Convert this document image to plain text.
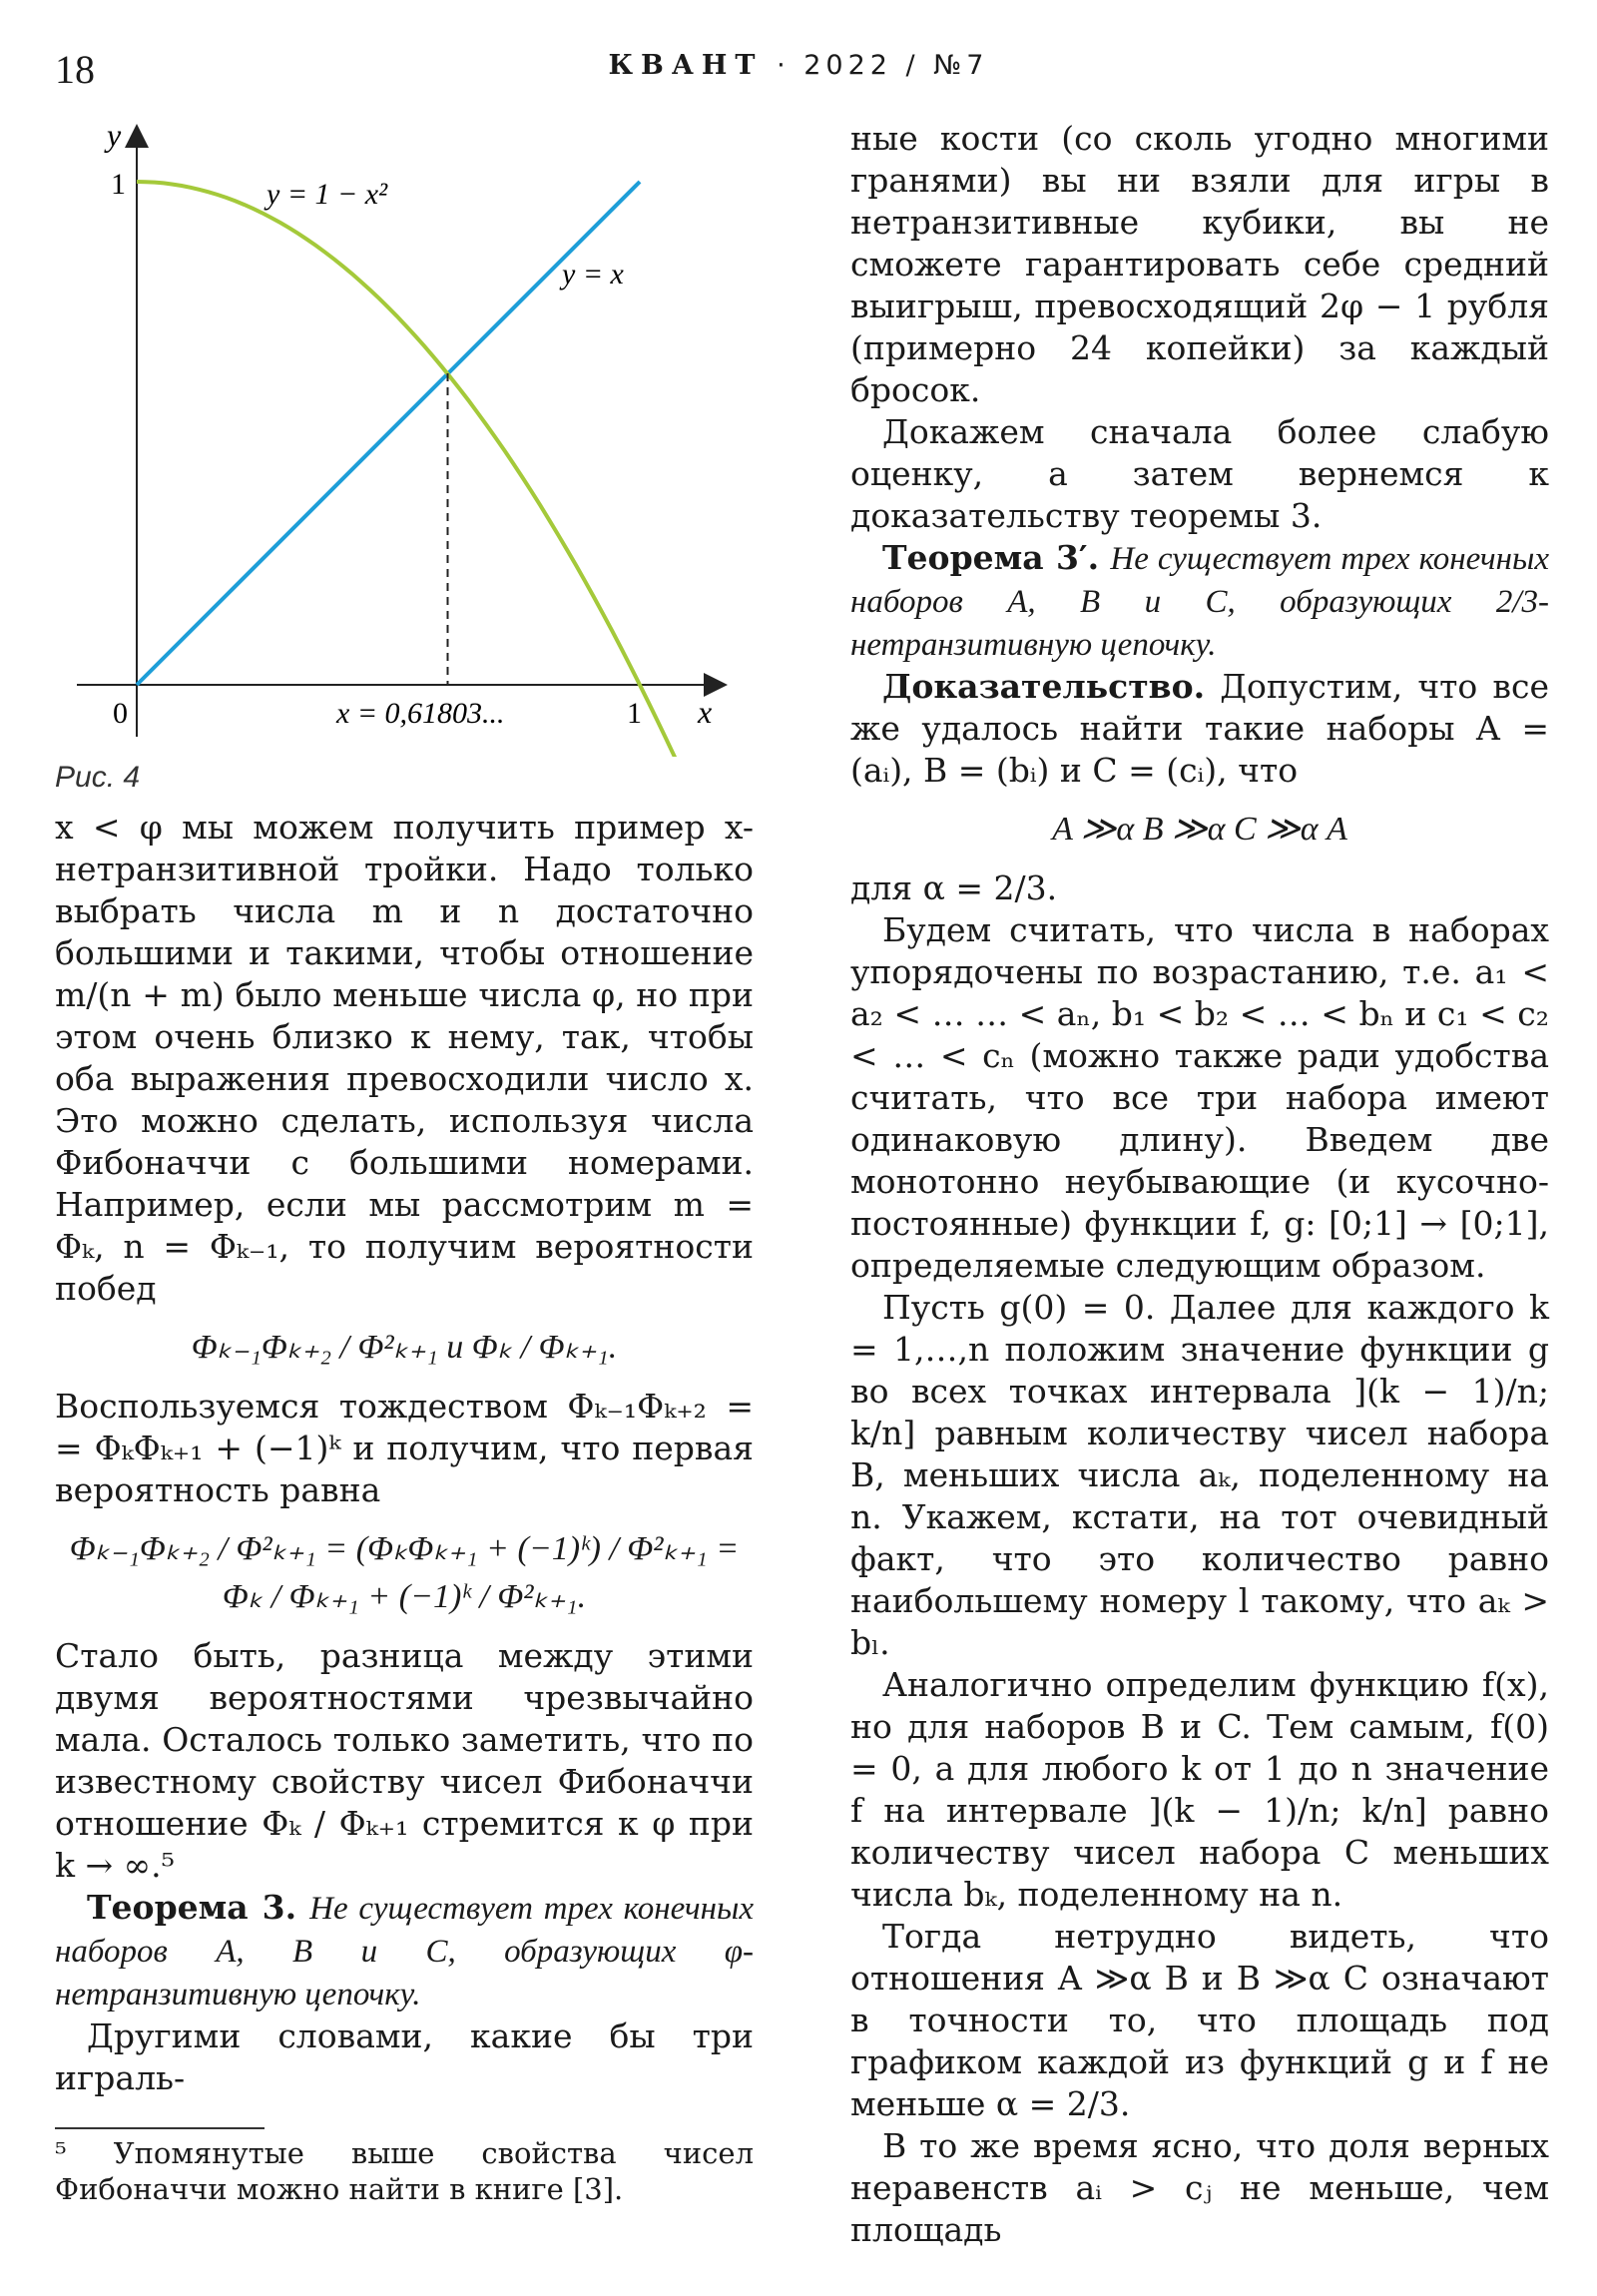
18	КВАНТ · 2022 / №7
y
x
1
0	1
y = 1 − x²
y = x
x = 0,61803...
Рис. 4

x < φ мы можем получить пример x-нетранзитивной тройки. Надо только выбрать числа m и n достаточно большими и такими, чтобы отношение m/(n + m) было меньше числа φ, но при этом очень близко к нему, так, чтобы оба выражения превосходили число x. Это можно сделать, используя числа Фибоначчи с большими номерами. Например, если мы рассмотрим m = Φₖ, n = Φₖ₋₁, то получим вероятности побед

Φₖ₋₁Φₖ₊₂ / Φ²ₖ₊₁ и Φₖ / Φₖ₊₁.

Воспользуемся тождеством Φₖ₋₁Φₖ₊₂ = = ΦₖΦₖ₊₁ + (−1)ᵏ и получим, что первая вероятность равна

Φₖ₋₁Φₖ₊₂ / Φ²ₖ₊₁ = (ΦₖΦₖ₊₁ + (−1)ᵏ) / Φ²ₖ₊₁ = Φₖ / Φₖ₊₁ + (−1)ᵏ / Φ²ₖ₊₁.

Стало быть, разница между этими двумя вероятностями чрезвычайно мала. Осталось только заметить, что по известному свойству чисел Фибоначчи отношение Φₖ / Φₖ₊₁ стремится к φ при k → ∞.⁵

Теорема 3. Не существует трех конечных наборов A, B и C, образующих φ-нетранзитивную цепочку.

Другими словами, какие бы три играль-

⁵ Упомянутые выше свойства чисел Фибоначчи можно найти в книге [3].

ные кости (со сколь угодно многими гранями) вы ни взяли для игры в нетранзитивные кубики, вы не сможете гарантировать себе средний выигрыш, превосходящий 2φ − 1 рубля (примерно 24 копейки) за каждый бросок.

Докажем сначала более слабую оценку, а затем вернемся к доказательству теоремы 3.

Теорема 3′. Не существует трех конечных наборов A, B и C, образующих 2/3-нетранзитивную цепочку.

Доказательство. Допустим, что все же удалось найти такие наборы A = (aᵢ), B = (bᵢ) и C = (cᵢ), что

A ≫α B ≫α C ≫α A

для α = 2/3.

Будем считать, что числа в наборах упорядочены по возрастанию, т.е. a₁ < a₂ < … … < aₙ, b₁ < b₂ < … < bₙ и c₁ < c₂ < … < cₙ (можно также ради удобства считать, что все три набора имеют одинаковую длину). Введем две монотонно неубывающие (и кусочно-постоянные) функции f, g: [0;1] → [0;1], определяемые следующим образом.

Пусть g(0) = 0. Далее для каждого k = 1,…,n положим значение функции g во всех точках интервала ](k − 1)/n; k/n] равным количеству чисел набора B, меньших числа aₖ, поделенному на n. Укажем, кстати, на тот очевидный факт, что это количество равно наибольшему номеру l такому, что aₖ > bₗ.

Аналогично определим функцию f(x), но для наборов B и C. Тем самым, f(0) = 0, а для любого k от 1 до n значение f на интервале ](k − 1)/n; k/n] равно количеству чисел набора C меньших числа bₖ, поделенному на n.

Тогда нетрудно видеть, что отношения A ≫α B и B ≫α C означают в точности то, что площадь под графиком каждой из функций g и f не меньше α = 2/3.

В то же время ясно, что доля верных неравенств aᵢ > cⱼ не меньше, чем площадь
